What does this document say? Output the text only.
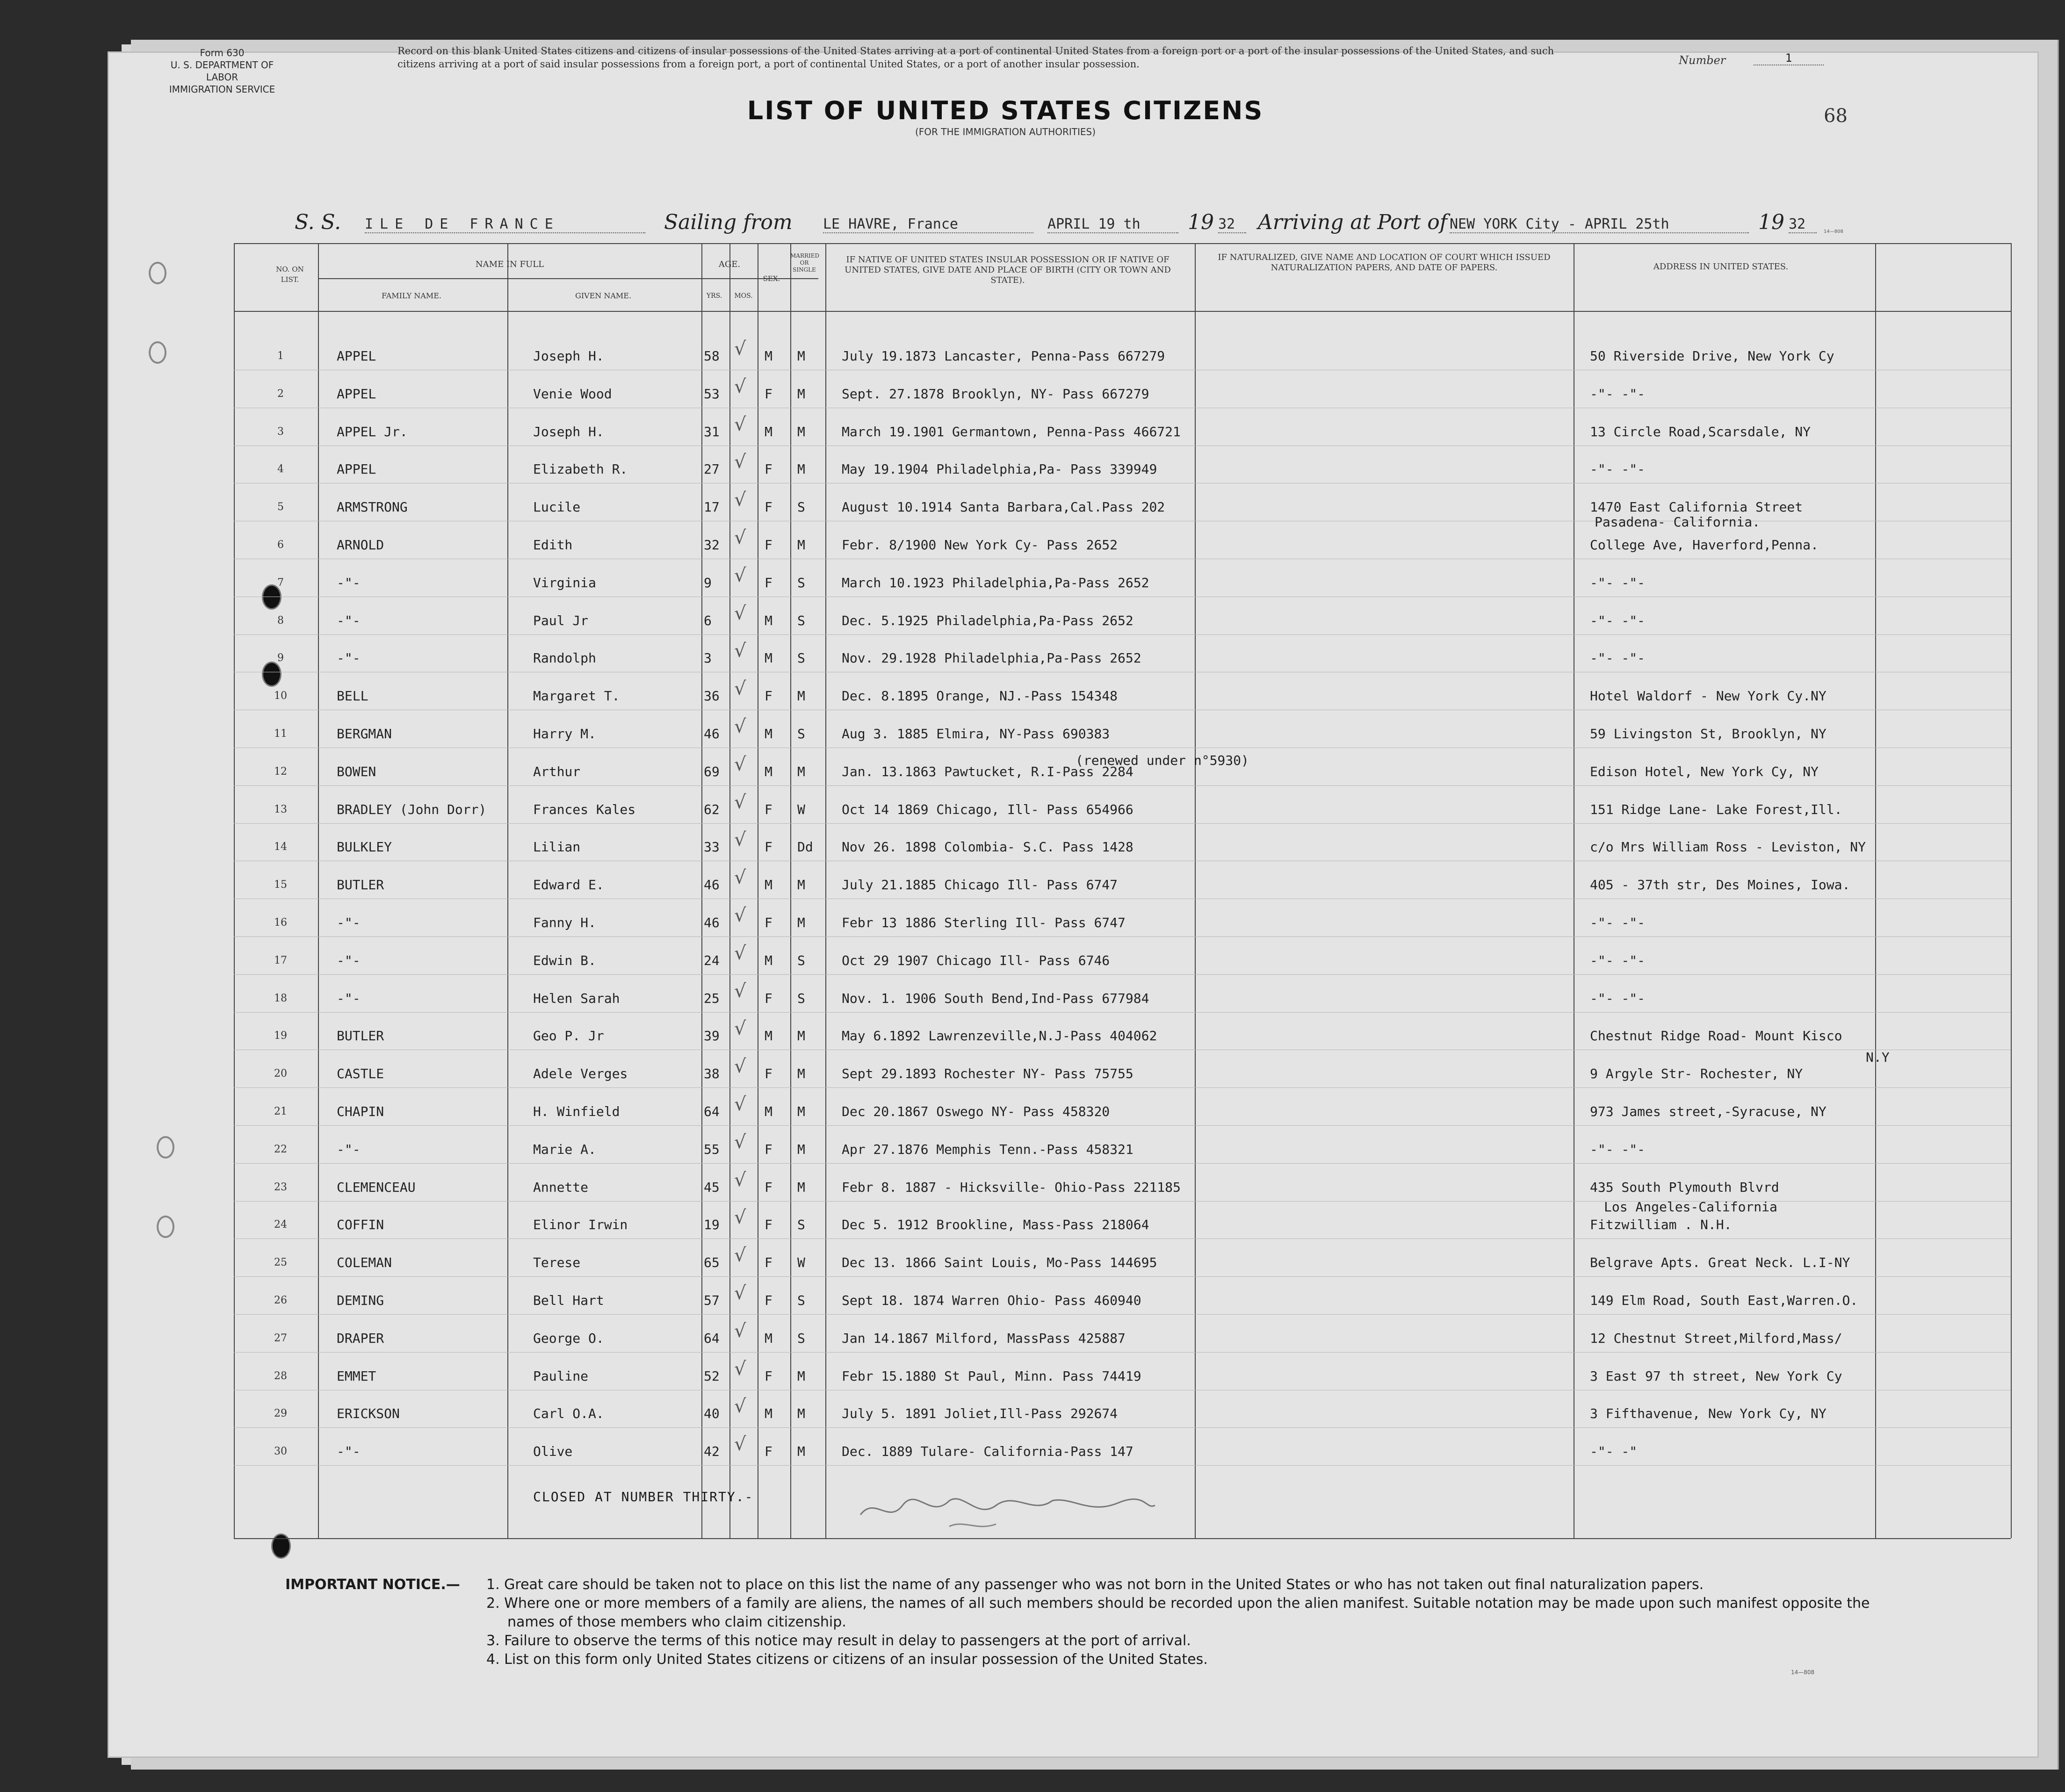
Form 630
U. S. DEPARTMENT OF LABOR
IMMIGRATION SERVICE
Record on this blank United States citizens and citizens of insular possessions of the United States arriving at a port of continental United States from a foreign port or a port of the insular possessions of the United States, and such citizens arriving at a port of said insular possessions from a foreign port, a port of continental United States, or a port of another insular possession.	Number	1
LIST OF UNITED STATES CITIZENS
(FOR THE IMMIGRATION AUTHORITIES)
68
S. S. ILE DE FRANCE	Sailing from LE HAVRE, France	APRIL 19 th	19 32	Arriving at Port of NEW YORK City - APRIL 25th	19 32	14—808
NO. ON LIST.
NAME IN FULL
FAMILY NAME.	GIVEN NAME.
AGE.
YRS.	MOS.
SEX.
MARRIED OR SINGLE
IF NATIVE OF UNITED STATES INSULAR POSSESSION OR IF NATIVE OF UNITED STATES, GIVE DATE AND PLACE OF BIRTH (CITY OR TOWN AND STATE).
IF NATURALIZED, GIVE NAME AND LOCATION OF COURT WHICH ISSUED NATURALIZATION PAPERS, AND DATE OF PAPERS.	ADDRESS IN UNITED STATES.
1	APPEL	Joseph H.	58	M M	July 19.1873 Lancaster, Penna-Pass 667279	50 Riverside Drive, New York Cy
√
2	APPEL	Venie Wood	53	F M	Sept. 27.1878 Brooklyn, NY- Pass 667279	-"- -"-
√
3	APPEL Jr.	Joseph H.	31	M M	March 19.1901 Germantown, Penna-Pass 466721	13 Circle Road,Scarsdale, NY
√
4	APPEL	Elizabeth R.	27	F M	May 19.1904 Philadelphia,Pa- Pass 339949	-"- -"-
√
5	ARMSTRONG	Lucile	17	F S	August 10.1914 Santa Barbara,Cal.Pass 202	1470 East California Street
√
6	ARNOLD	Edith	32	F M	Febr. 8/1900 New York Cy- Pass 2652	College Ave, Haverford,Penna.
√
7	-"-	Virginia	9	F S	March 10.1923 Philadelphia,Pa-Pass 2652	-"- -"-
√
8	-"-	Paul Jr	6	M S	Dec. 5.1925 Philadelphia,Pa-Pass 2652	-"- -"-
√
9	-"-	Randolph	3	M S	Nov. 29.1928 Philadelphia,Pa-Pass 2652	-"- -"-
√
10	BELL	Margaret T.	36	F M	Dec. 8.1895 Orange, NJ.-Pass 154348	Hotel Waldorf - New York Cy.NY
√
11	BERGMAN	Harry M.	46	M S	Aug 3. 1885 Elmira, NY-Pass 690383	59 Livingston St, Brooklyn, NY
√
12	BOWEN	Arthur	69	M M	Jan. 13.1863 Pawtucket, R.I-Pass 2284	Edison Hotel, New York Cy, NY
√
13	BRADLEY (John Dorr)	Frances Kales	62	F W	Oct 14 1869 Chicago, Ill- Pass 654966	151 Ridge Lane- Lake Forest,Ill.
√
14	BULKLEY	Lilian	33	F Dd Nov 26. 1898 Colombia- S.C. Pass 1428	c/o Mrs William Ross - Leviston, NY
√
15	BUTLER	Edward E.	46	M M	July 21.1885 Chicago Ill- Pass 6747	405 - 37th str, Des Moines, Iowa.
√
16	-"-	Fanny H.	46	F M	Febr 13 1886 Sterling Ill- Pass 6747	-"- -"-
√
17	-"-	Edwin B.	24	M S	Oct 29 1907 Chicago Ill- Pass 6746	-"- -"-
√
18	-"-	Helen Sarah	25	F S	Nov. 1. 1906 South Bend,Ind-Pass 677984	-"- -"-
√
19	BUTLER	Geo P. Jr	39	M M	May 6.1892 Lawrenzeville,N.J-Pass 404062	Chestnut Ridge Road- Mount Kisco
√
20	CASTLE	Adele Verges	38	F M	Sept 29.1893 Rochester NY- Pass 75755	9 Argyle Str- Rochester, NY
√
21	CHAPIN	H. Winfield	64	M M	Dec 20.1867 Oswego NY- Pass 458320	973 James street,-Syracuse, NY
√
22	-"-	Marie A.	55	F M	Apr 27.1876 Memphis Tenn.-Pass 458321	-"- -"-
√
23	CLEMENCEAU	Annette	45	F M	Febr 8. 1887 - Hicksville- Ohio-Pass 221185	435 South Plymouth Blvrd
√
24	COFFIN	Elinor Irwin	19	F S	Dec 5. 1912 Brookline, Mass-Pass 218064	Fitzwilliam . N.H.
√
25	COLEMAN	Terese	65	F W	Dec 13. 1866 Saint Louis, Mo-Pass 144695	Belgrave Apts. Great Neck. L.I-NY
√
26	DEMING	Bell Hart	57	F S	Sept 18. 1874 Warren Ohio- Pass 460940	149 Elm Road, South East,Warren.O.
√
27	DRAPER	George O.	64	M S	Jan 14.1867 Milford, MassPass 425887	12 Chestnut Street,Milford,Mass/
√
28	EMMET	Pauline	52	F M	Febr 15.1880 St Paul, Minn. Pass 74419	3 East 97 th street, New York Cy
√
29	ERICKSON	Carl O.A.	40	M M	July 5. 1891 Joliet,Ill-Pass 292674	3 Fifthavenue, New York Cy, NY
√
30	-"-	Olive	42	F M	Dec. 1889 Tulare- California-Pass 147	-"- -"
√
Pasadena- California.
(renewed under n°5930)
N.Y
Los Angeles-California
CLOSED AT NUMBER THIRTY.-
IMPORTANT NOTICE.—	1. Great care should be taken not to place on this list the name of any passenger who was not born in the United States or who has not taken out final naturalization papers.
2. Where one or more members of a family are aliens, the names of all such members should be recorded upon the alien manifest. Suitable notation may be made upon such manifest opposite the names of those members who claim citizenship.
3. Failure to observe the terms of this notice may result in delay to passengers at the port of arrival.
4. List on this form only United States citizens or citizens of an insular possession of the United States.
14—808
